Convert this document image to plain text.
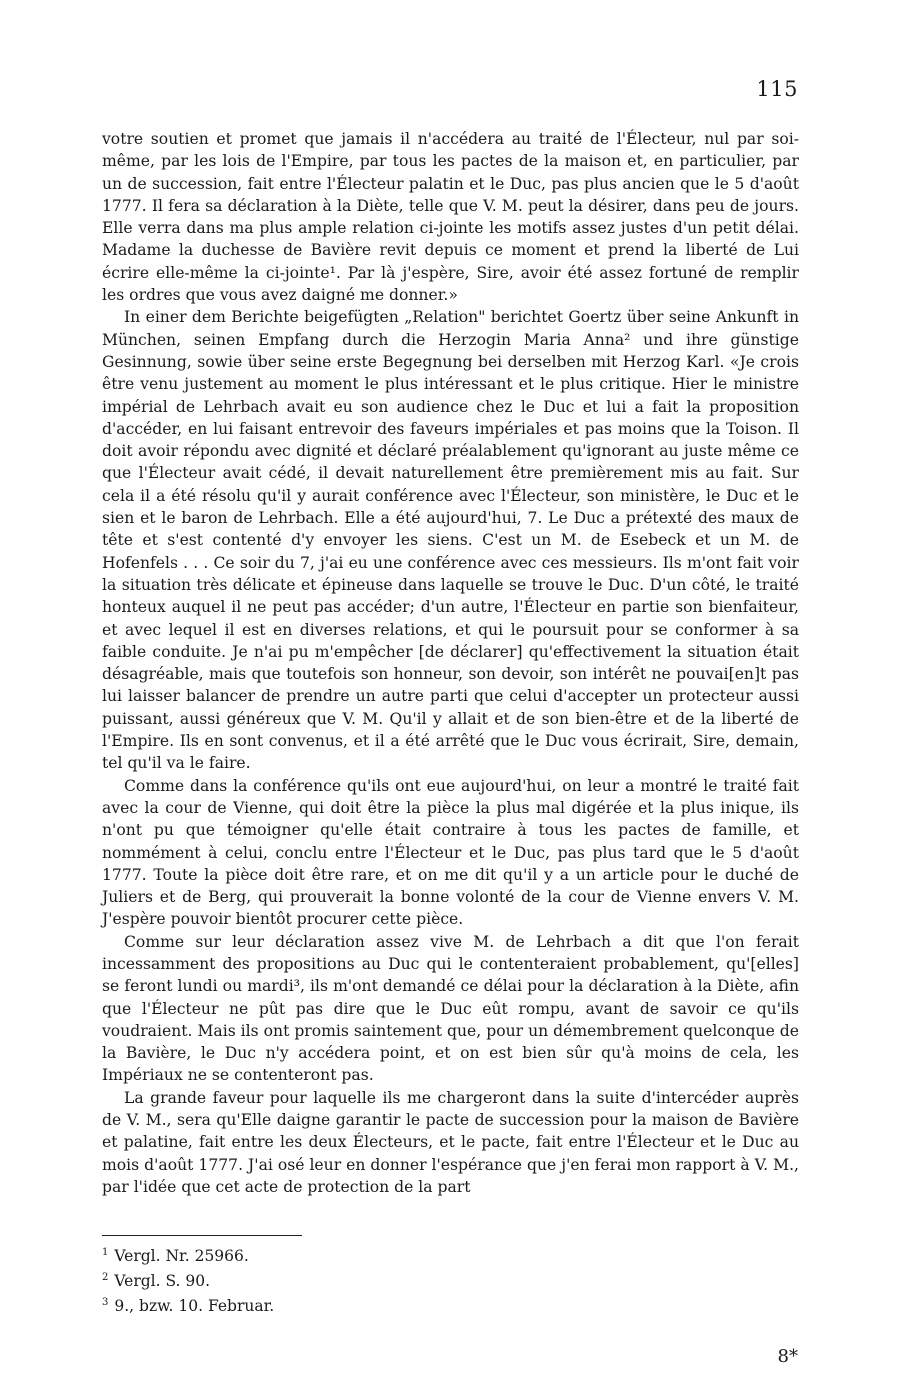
115

votre soutien et promet que jamais il n'accédera au traité de l'Électeur, nul par soi-même, par les lois de l'Empire, par tous les pactes de la maison et, en particulier, par un de succession, fait entre l'Électeur palatin et le Duc, pas plus ancien que le 5 d'août 1777. Il fera sa déclaration à la Diète, telle que V. M. peut la désirer, dans peu de jours. Elle verra dans ma plus ample relation ci-jointe les motifs assez justes d'un petit délai. Madame la duchesse de Bavière revit depuis ce moment et prend la liberté de Lui écrire elle-même la ci-jointe¹. Par là j'espère, Sire, avoir été assez fortuné de remplir les ordres que vous avez daigné me donner.»

In einer dem Berichte beigefügten „Relation" berichtet Goertz über seine Ankunft in München, seinen Empfang durch die Herzogin Maria Anna² und ihre günstige Gesinnung, sowie über seine erste Begegnung bei derselben mit Herzog Karl. «Je crois être venu justement au moment le plus intéressant et le plus critique. Hier le ministre impérial de Lehrbach avait eu son audience chez le Duc et lui a fait la proposition d'accéder, en lui faisant entrevoir des faveurs impériales et pas moins que la Toison. Il doit avoir répondu avec dignité et déclaré préalablement qu'ignorant au juste même ce que l'Électeur avait cédé, il devait naturellement être premièrement mis au fait. Sur cela il a été résolu qu'il y aurait conférence avec l'Électeur, son ministère, le Duc et le sien et le baron de Lehrbach. Elle a été aujourd'hui, 7. Le Duc a prétexté des maux de tête et s'est contenté d'y envoyer les siens. C'est un M. de Esebeck et un M. de Hofenfels . . . Ce soir du 7, j'ai eu une conférence avec ces messieurs. Ils m'ont fait voir la situation très délicate et épineuse dans laquelle se trouve le Duc. D'un côté, le traité honteux auquel il ne peut pas accéder; d'un autre, l'Électeur en partie son bienfaiteur, et avec lequel il est en diverses relations, et qui le poursuit pour se conformer à sa faible conduite. Je n'ai pu m'empêcher [de déclarer] qu'effectivement la situation était désagréable, mais que toutefois son honneur, son devoir, son intérêt ne pouvai[en]t pas lui laisser balancer de prendre un autre parti que celui d'accepter un protecteur aussi puissant, aussi généreux que V. M. Qu'il y allait et de son bien-être et de la liberté de l'Empire. Ils en sont convenus, et il a été arrêté que le Duc vous écrirait, Sire, demain, tel qu'il va le faire.

Comme dans la conférence qu'ils ont eue aujourd'hui, on leur a montré le traité fait avec la cour de Vienne, qui doit être la pièce la plus mal digérée et la plus inique, ils n'ont pu que témoigner qu'elle était contraire à tous les pactes de famille, et nommément à celui, conclu entre l'Électeur et le Duc, pas plus tard que le 5 d'août 1777. Toute la pièce doit être rare, et on me dit qu'il y a un article pour le duché de Juliers et de Berg, qui prouverait la bonne volonté de la cour de Vienne envers V. M. J'espère pouvoir bientôt procurer cette pièce.

Comme sur leur déclaration assez vive M. de Lehrbach a dit que l'on ferait incessamment des propositions au Duc qui le contenteraient probablement, qu'[elles] se feront lundi ou mardi³, ils m'ont demandé ce délai pour la déclaration à la Diète, afin que l'Électeur ne pût pas dire que le Duc eût rompu, avant de savoir ce qu'ils voudraient. Mais ils ont promis saintement que, pour un démembrement quelconque de la Bavière, le Duc n'y accédera point, et on est bien sûr qu'à moins de cela, les Impériaux ne se contenteront pas.

La grande faveur pour laquelle ils me chargeront dans la suite d'intercéder auprès de V. M., sera qu'Elle daigne garantir le pacte de succession pour la maison de Bavière et palatine, fait entre les deux Électeurs, et le pacte, fait entre l'Électeur et le Duc au mois d'août 1777. J'ai osé leur en donner l'espérance que j'en ferai mon rapport à V. M., par l'idée que cet acte de protection de la part

$^1$ Vergl. Nr. 25966.

$^2$ Vergl. S. 90.

$^3$ 9., bzw. 10. Februar.

8*
